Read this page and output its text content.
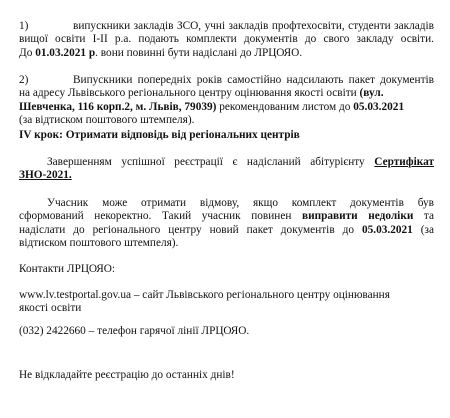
1)	випускники закладів ЗСО, учні закладів профтехосвіти, студенти закладів
вищої освіти І-ІІ р.а. подають комплекти документів до свого закладу освіти.
До 01.03.2021 р. вони повинні бути надіслані до ЛРЦОЯО.
2)	Випускники попередніх років самостійно надсилають пакет документів
на адресу Львівського регіонального центру оцінювання якості освіти (вул.
Шевченка, 116 корп.2, м. Львів, 79039) рекомендованим листом до 05.03.2021
(за відтиском поштового штемпеля).
IV крок: Отримати відповідь від регіональних центрів
Завершенням успішної реєстрації є надісланий абітурієнту Сертифікат
ЗНО-2021.
Учасник може отримати відмову, якщо комплект документів був
сформований некоректно. Такий учасник повинен виправити недоліки та
надіслати до регіонального центру новий пакет документів до 05.03.2021 (за
відтиском поштового штемпеля).
Контакти ЛРЦОЯО:
www.lv.testportal.gov.ua – сайт Львівського регіонального центру оцінювання
якості освіти
(032) 2422660 – телефон гарячої лінії ЛРЦОЯО.
Не відкладайте реєстрацію до останніх днів!
